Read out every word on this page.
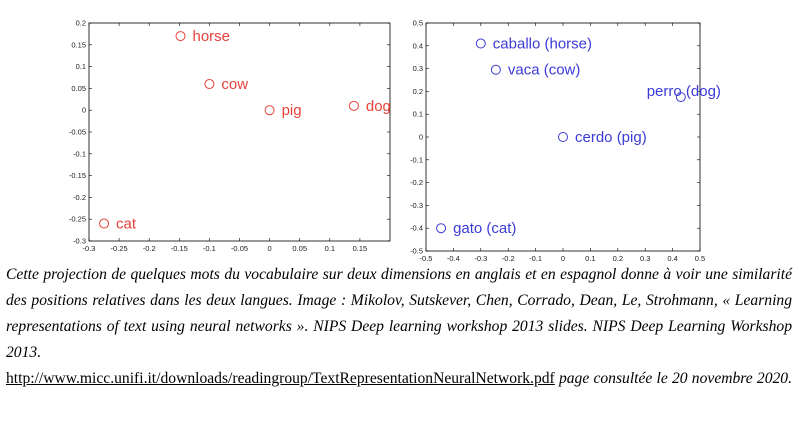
-0.3 -0.25 -0.2 -0.15 -0.1 -0.05	0	0.05 0.1 0.15
-0.3
-0.25
-0.2
-0.15
-0.1
-0.05
0
0.05
0.1
0.15
0.2
horse
cow
pig	dog
cat
-0.5 -0.4 -0.3 -0.2 -0.1	0	0.1 0.2 0.3 0.4 0.5
-0.5
-0.4
-0.3
-0.2
-0.1
0
0.1
0.2
0.3
0.4
0.5
caballo (horse)
vaca (cow)
perro (dog)
cerdo (pig)
gato (cat)

Cette projection de quelques mots du vocabulaire sur deux dimensions en anglais et en espagnol donne à voir une similarité des positions relatives dans les deux langues. Image : Mikolov, Sutskever, Chen, Corrado, Dean, Le, Strohmann, « Learning representations of text using neural networks ». NIPS Deep learning workshop 2013 slides. NIPS Deep Learning Workshop 2013.

http://www.micc.unifi.it/downloads/readingroup/TextRepresentationNeuralNetwork.pdf page consultée le 20 novembre 2020.
